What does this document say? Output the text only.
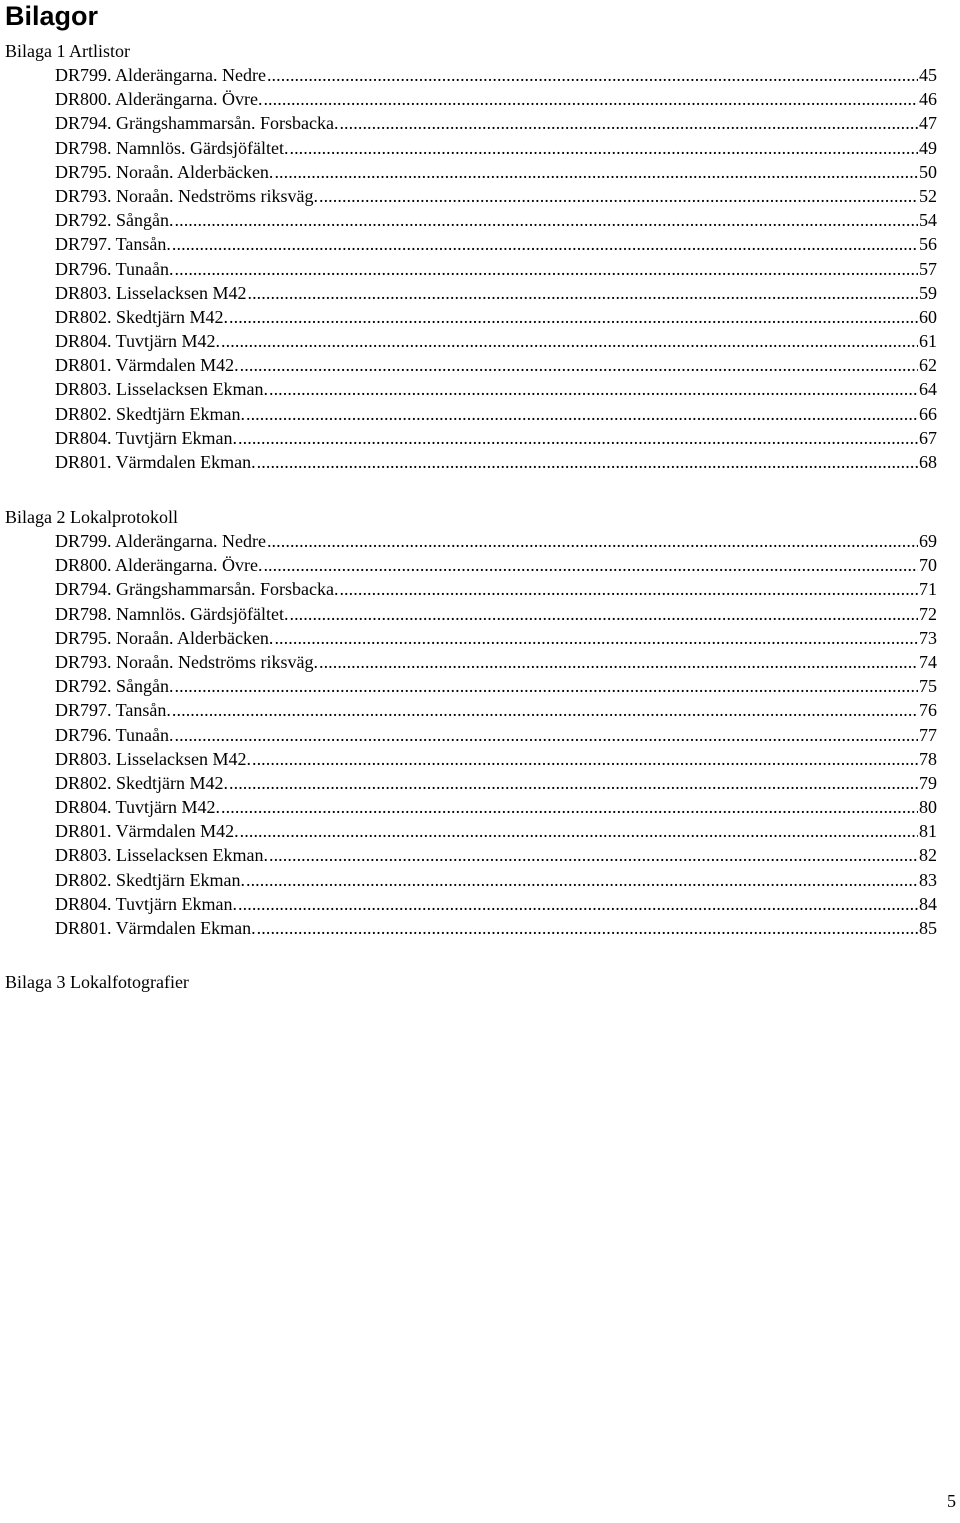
Bilagor
Bilaga 1 Artlistor
DR799. Alderängarna. Nedre . . .	45
DR800. Alderängarna. Övre. . . .	46
DR794. Grängshammarsån. Forsbacka. . . .	47
DR798. Namnlös. Gärdsjöfältet. . . .	49
DR795. Noraån. Alderbäcken. . . .	50
DR793. Noraån. Nedströms riksväg. . . .	52
DR792. Sångån. . . .	54
DR797. Tansån. . . .	56
DR796. Tunaån. . . .	57
DR803. Lisselacksen M42 . . .	59
DR802. Skedtjärn M42. . . .	60
DR804. Tuvtjärn M42. . . .	61
DR801. Värmdalen M42. . . .	62
DR803. Lisselacksen Ekman. . . .	64
DR802. Skedtjärn Ekman. . . .	66
DR804. Tuvtjärn Ekman. . . .	67
DR801. Värmdalen Ekman. . . .	68
Bilaga 2 Lokalprotokoll
DR799. Alderängarna. Nedre . . .	69
DR800. Alderängarna. Övre. . . .	70
DR794. Grängshammarsån. Forsbacka. . . .	71
DR798. Namnlös. Gärdsjöfältet. . . .	72
DR795. Noraån. Alderbäcken. . . .	73
DR793. Noraån. Nedströms riksväg. . . .	74
DR792. Sångån. . . .	75
DR797. Tansån. . . .	76
DR796. Tunaån. . . .	77
DR803. Lisselacksen M42. . . .	78
DR802. Skedtjärn M42. . . .	79
DR804. Tuvtjärn M42. . . .	80
DR801. Värmdalen M42. . . .	81
DR803. Lisselacksen Ekman. . . .	82
DR802. Skedtjärn Ekman. . . .	83
DR804. Tuvtjärn Ekman. . . .	84
DR801. Värmdalen Ekman. . . .	85
Bilaga 3 Lokalfotografier
5
